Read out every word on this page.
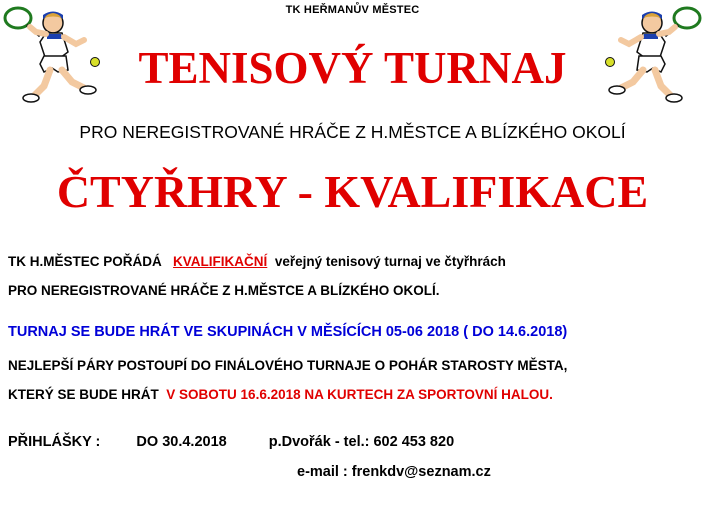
TK HEŘMANŮV MĚSTEC
TENISOVÝ TURNAJ
PRO NEREGISTROVANÉ HRÁČE Z H.MĚSTCE A BLÍZKÉHO OKOLÍ
ČTYŘHRY - KVALIFIKACE
TK H.MĚSTEC POŘÁDÁ KVALIFIKAČNÍ veřejný tenisový turnaj ve čtyřhrách
PRO NEREGISTROVANÉ HRÁČE Z H.MĚSTCE A BLÍZKÉHO OKOLÍ.
TURNAJ SE BUDE HRÁT VE SKUPINÁCH V MĚSÍCÍCH 05-06 2018 ( DO 14.6.2018)
NEJLEPŠÍ PÁRY POSTOUPÍ DO FINÁLOVÉHO TURNAJE O POHÁR STAROSTY MĚSTA,
KTERÝ SE BUDE HRÁT V SOBOTU 16.6.2018 NA KURTECH ZA SPORTOVNÍ HALOU.
PŘIHLÁŠKY : DO 30.4.2018	p.Dvořák - tel.: 602 453 820
e-mail : frenkdv@seznam.cz
